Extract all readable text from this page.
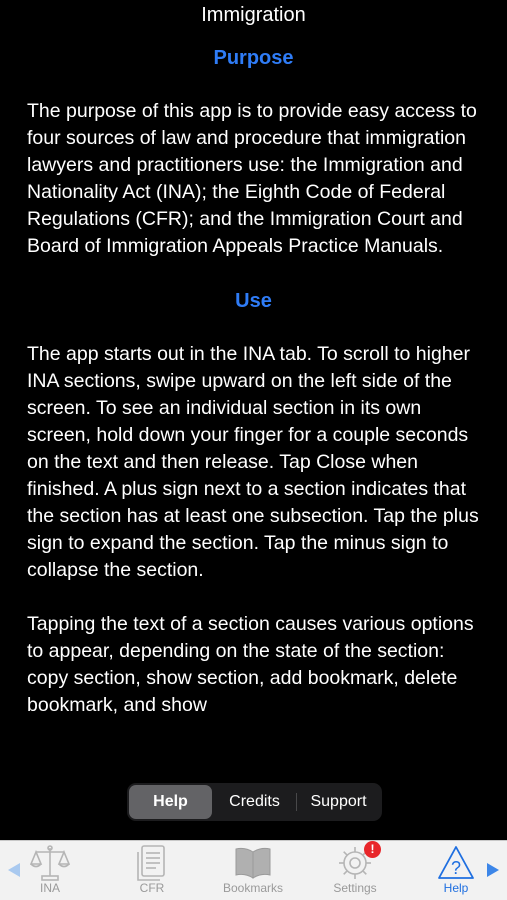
Immigration
Purpose

The purpose of this app is to provide easy access to four sources of law and procedure that immigration lawyers and practitioners use: the Immigration and Nationality Act (INA); the Eighth Code of Federal Regulations (CFR); and the Immigration Court and Board of Immigration Appeals Practice Manuals.

Use

The app starts out in the INA tab. To scroll to higher INA sections, swipe upward on the left side of the screen. To see an individual section in its own screen, hold down your finger for a couple seconds on the text and then release. Tap Close when finished. A plus sign next to a section indicates that the section has at least one subsection. Tap the plus sign to expand the section. Tap the minus sign to collapse the section.

Tapping the text of a section causes various options to appear, depending on the state of the section: copy section, show section, add bookmark, delete bookmark, and show

Help	Credits	Support
INA	CFR	Bookmarks
!
Settings
?
Help
